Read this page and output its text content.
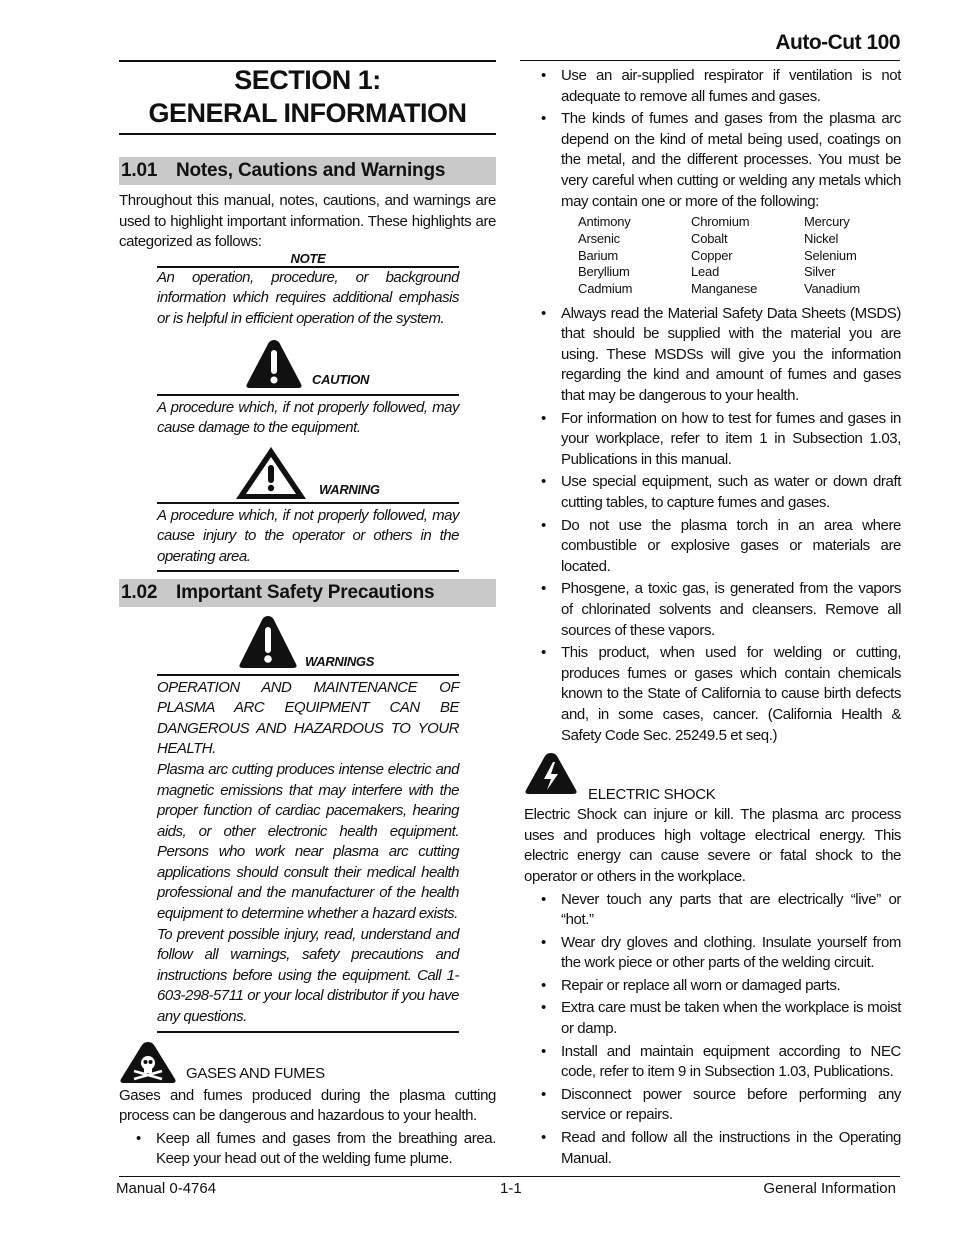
Auto-Cut 100
SECTION 1:
GENERAL INFORMATION
1.01 Notes, Cautions and Warnings

Throughout this manual, notes, cautions, and warnings are used to highlight important information. These highlights are categorized as follows:

NOTE

An operation, procedure, or background information which requires additional emphasis or is helpful in efficient operation of the system.

CAUTION

A procedure which, if not properly followed, may cause damage to the equipment.

WARNING

A procedure which, if not properly followed, may cause injury to the operator or others in the operating area.

1.02 Important Safety Precautions
WARNINGS

OPERATION AND MAINTENANCE OF PLASMA ARC EQUIPMENT CAN BE DANGEROUS AND HAZARDOUS TO YOUR HEALTH.

Plasma arc cutting produces intense electric and magnetic emissions that may interfere with the proper function of cardiac pacemakers, hearing aids, or other electronic health equipment. Persons who work near plasma arc cutting applications should consult their medical health professional and the manufacturer of the health equipment to determine whether a hazard exists.

To prevent possible injury, read, understand and follow all warnings, safety precautions and instructions before using the equipment. Call 1-603-298-5711 or your local distributor if you have any questions.

GASES AND FUMES

Gases and fumes produced during the plasma cutting process can be dangerous and hazardous to your health.

• Keep all fumes and gases from the breathing area. Keep your head out of the welding fume plume.
• Use an air-supplied respirator if ventilation is not adequate to remove all fumes and gases.
• The kinds of fumes and gases from the plasma arc depend on the kind of metal being used, coatings on the metal, and the different processes. You must be very careful when cutting or welding any metals which may contain one or more of the following:
Antimony	Chromium	Mercury
Arsenic	Cobalt	Nickel
Barium	Copper	Selenium
Beryllium	Lead	Silver
Cadmium	Manganese	Vanadium
• Always read the Material Safety Data Sheets (MSDS) that should be supplied with the material you are using. These MSDSs will give you the information regarding the kind and amount of fumes and gases that may be dangerous to your health.
• For information on how to test for fumes and gases in your workplace, refer to item 1 in Subsection 1.03, Publications in this manual.
• Use special equipment, such as water or down draft cutting tables, to capture fumes and gases.
• Do not use the plasma torch in an area where combustible or explosive gases or materials are located.
• Phosgene, a toxic gas, is generated from the vapors of chlorinated solvents and cleansers. Remove all sources of these vapors.
• This product, when used for welding or cutting, produces fumes or gases which contain chemicals known to the State of California to cause birth defects and, in some cases, cancer. (California Health & Safety Code Sec. 25249.5 et seq.)
ELECTRIC SHOCK

Electric Shock can injure or kill. The plasma arc process uses and produces high voltage electrical energy. This electric energy can cause severe or fatal shock to the operator or others in the workplace.

• Never touch any parts that are electrically “live” or “hot.”
• Wear dry gloves and clothing. Insulate yourself from the work piece or other parts of the welding circuit.
• Repair or replace all worn or damaged parts.
• Extra care must be taken when the workplace is moist or damp.
• Install and maintain equipment according to NEC code, refer to item 9 in Subsection 1.03, Publications.
• Disconnect power source before performing any service or repairs.
• Read and follow all the instructions in the Operating Manual.
Manual 0-4764	1-1	General Information
